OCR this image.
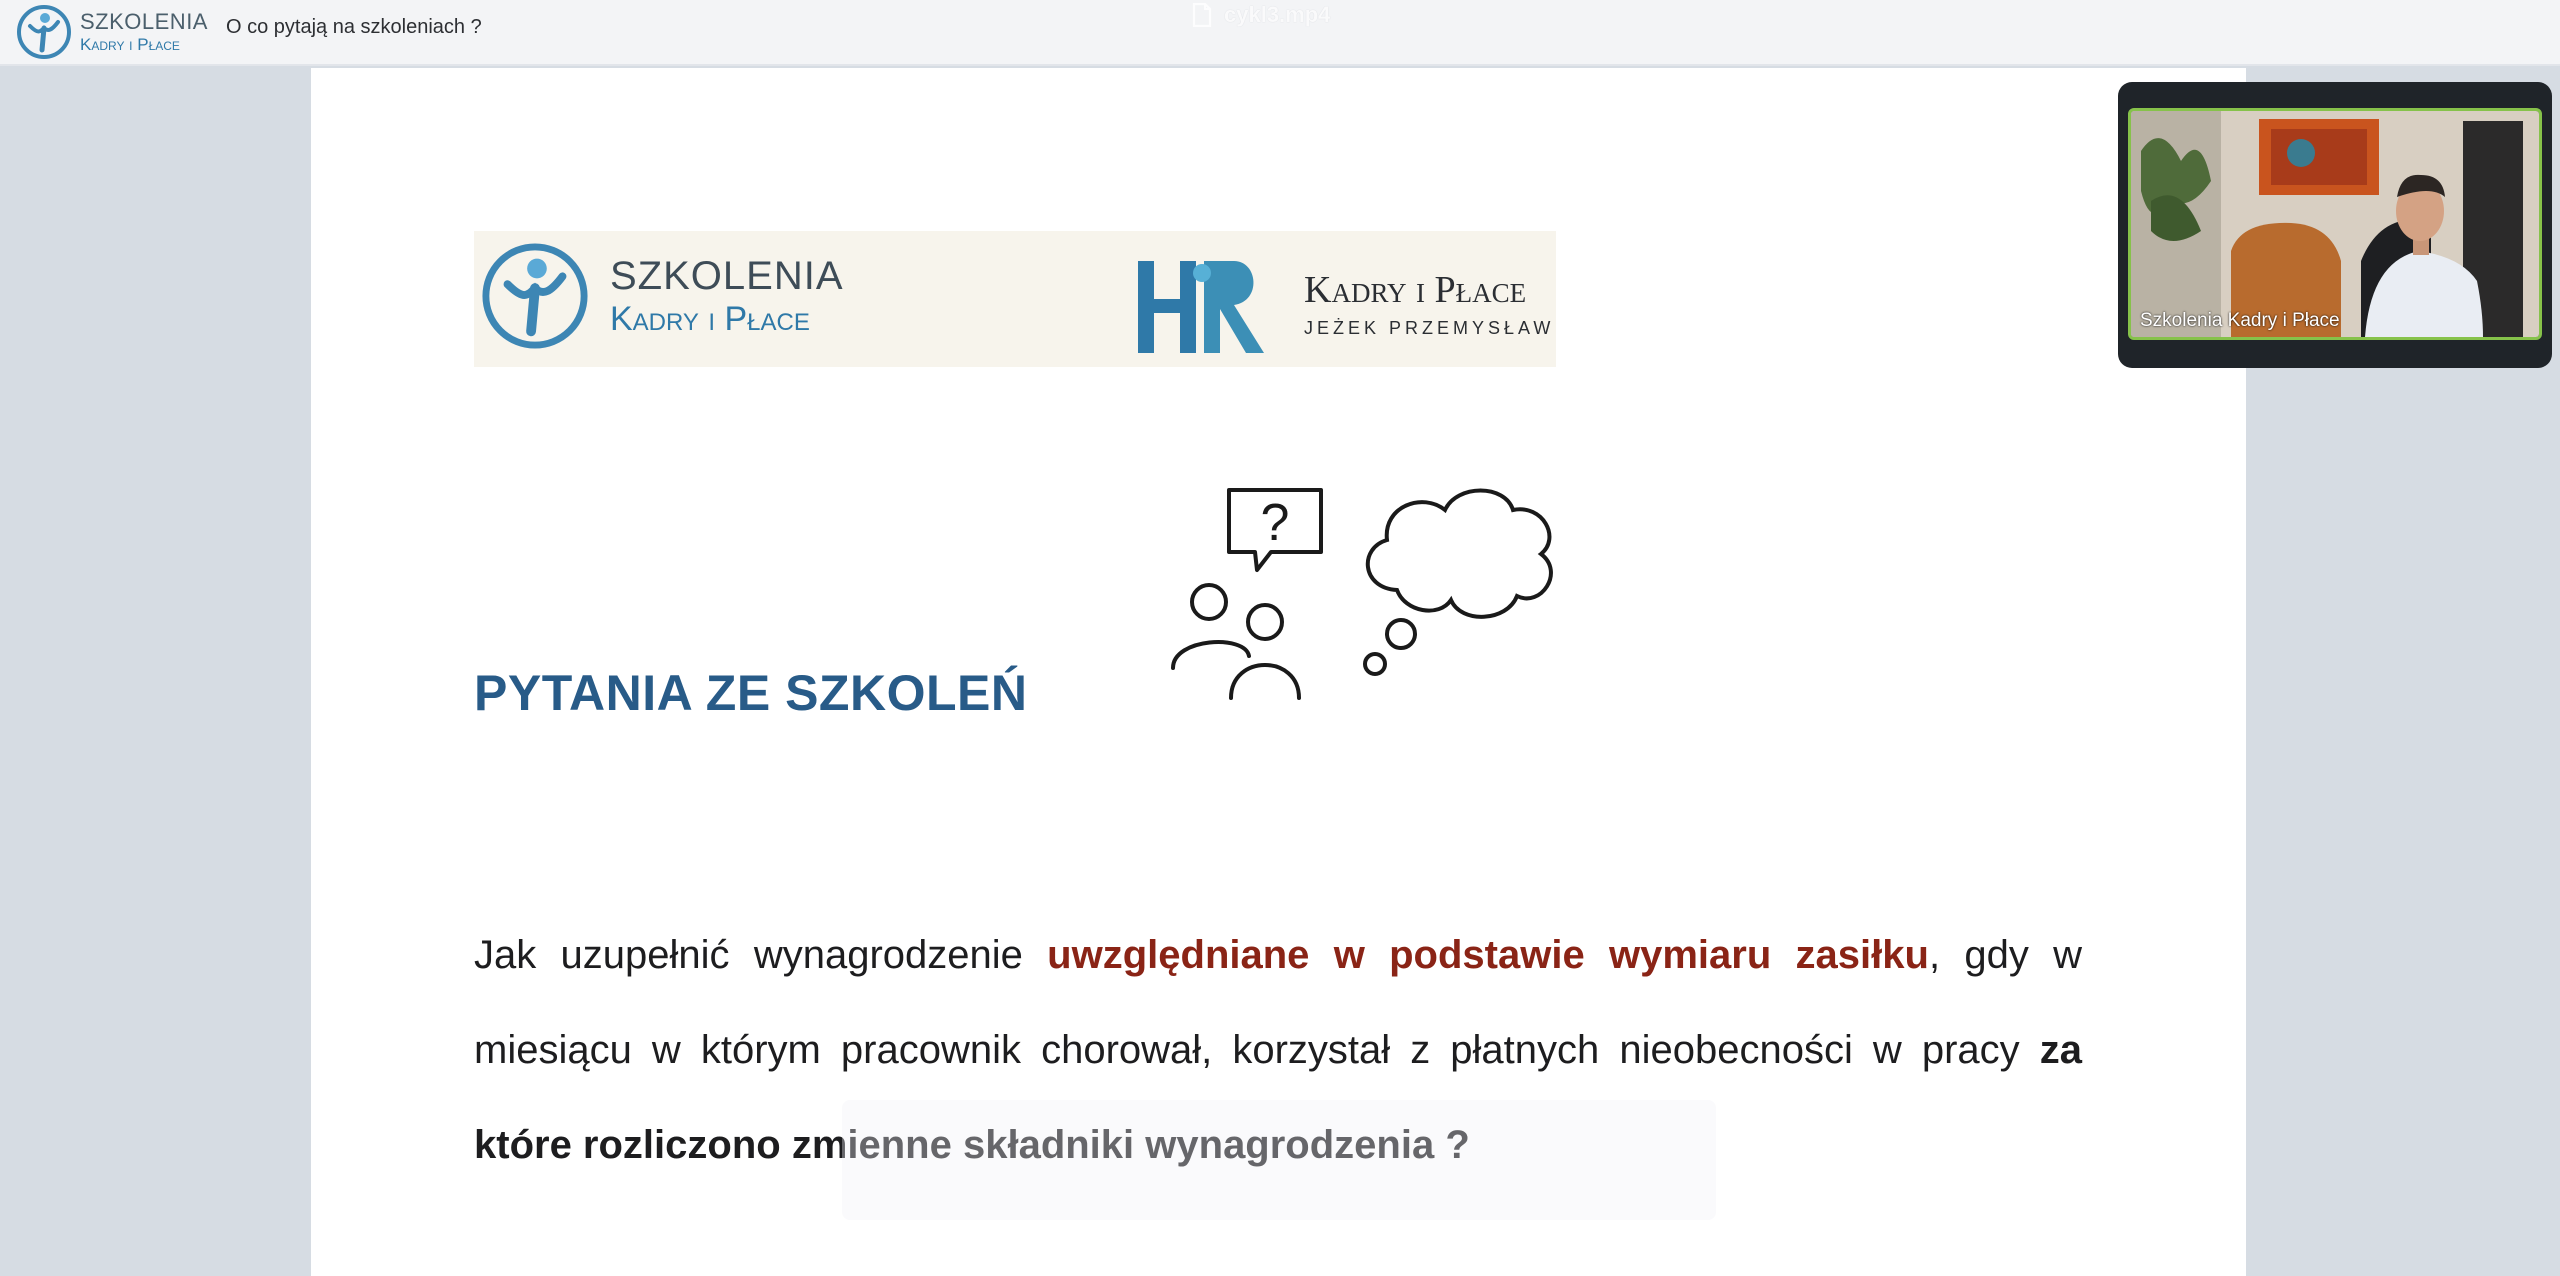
SZKOLENIA
Kadry i Płace
O co pytają na szkoleniach ?	cykl3.mp4
SZKOLENIA
Kadry i Płace
Kadry i Płace
JEŻEK PRZEMYSŁAW
?
PYTANIA ZE SZKOLEŃ
Jak uzupełnić wynagrodzenie uwzględniane w podstawie wymiaru zasiłku, gdy w miesiącu w którym pracownik chorował, korzystał z płatnych nieobecności w pracy za które rozliczono zmienne składniki wynagrodzenia ?
Szkolenia Kadry i Płace
